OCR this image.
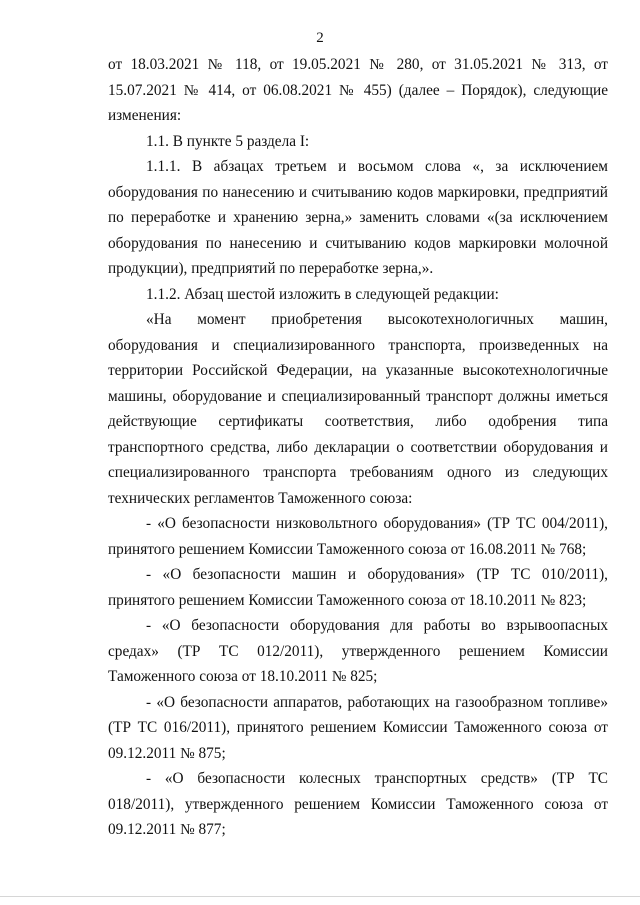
2

от 18.03.2021 № 118, от 19.05.2021 № 280, от 31.05.2021 № 313, от 15.07.2021 № 414, от 06.08.2021 № 455) (далее – Порядок), следующие изменения:

1.1. В пункте 5 раздела I:

1.1.1. В абзацах третьем и восьмом слова «, за исключением оборудования по нанесению и считыванию кодов маркировки, предприятий по переработке и хранению зерна,» заменить словами «(за исключением оборудования по нанесению и считыванию кодов маркировки молочной продукции), предприятий по переработке зерна,».

1.1.2. Абзац шестой изложить в следующей редакции:

«На момент приобретения высокотехнологичных машин, оборудования и специализированного транспорта, произведенных на территории Российской Федерации, на указанные высокотехнологичные машины, оборудование и специализированный транспорт должны иметься действующие сертификаты соответствия, либо одобрения типа транспортного средства, либо декларации о соответствии оборудования и специализированного транспорта требованиям одного из следующих технических регламентов Таможенного союза:

- «О безопасности низковольтного оборудования» (ТР ТС 004/2011), принятого решением Комиссии Таможенного союза от 16.08.2011 № 768;

- «О безопасности машин и оборудования» (ТР ТС 010/2011), принятого решением Комиссии Таможенного союза от 18.10.2011 № 823;

- «О безопасности оборудования для работы во взрывоопасных средах» (ТР ТС 012/2011), утвержденного решением Комиссии Таможенного союза от 18.10.2011 № 825;

- «О безопасности аппаратов, работающих на газообразном топливе» (ТР ТС 016/2011), принятого решением Комиссии Таможенного союза от 09.12.2011 № 875;

- «О безопасности колесных транспортных средств» (ТР ТС 018/2011), утвержденного решением Комиссии Таможенного союза от 09.12.2011 № 877;
